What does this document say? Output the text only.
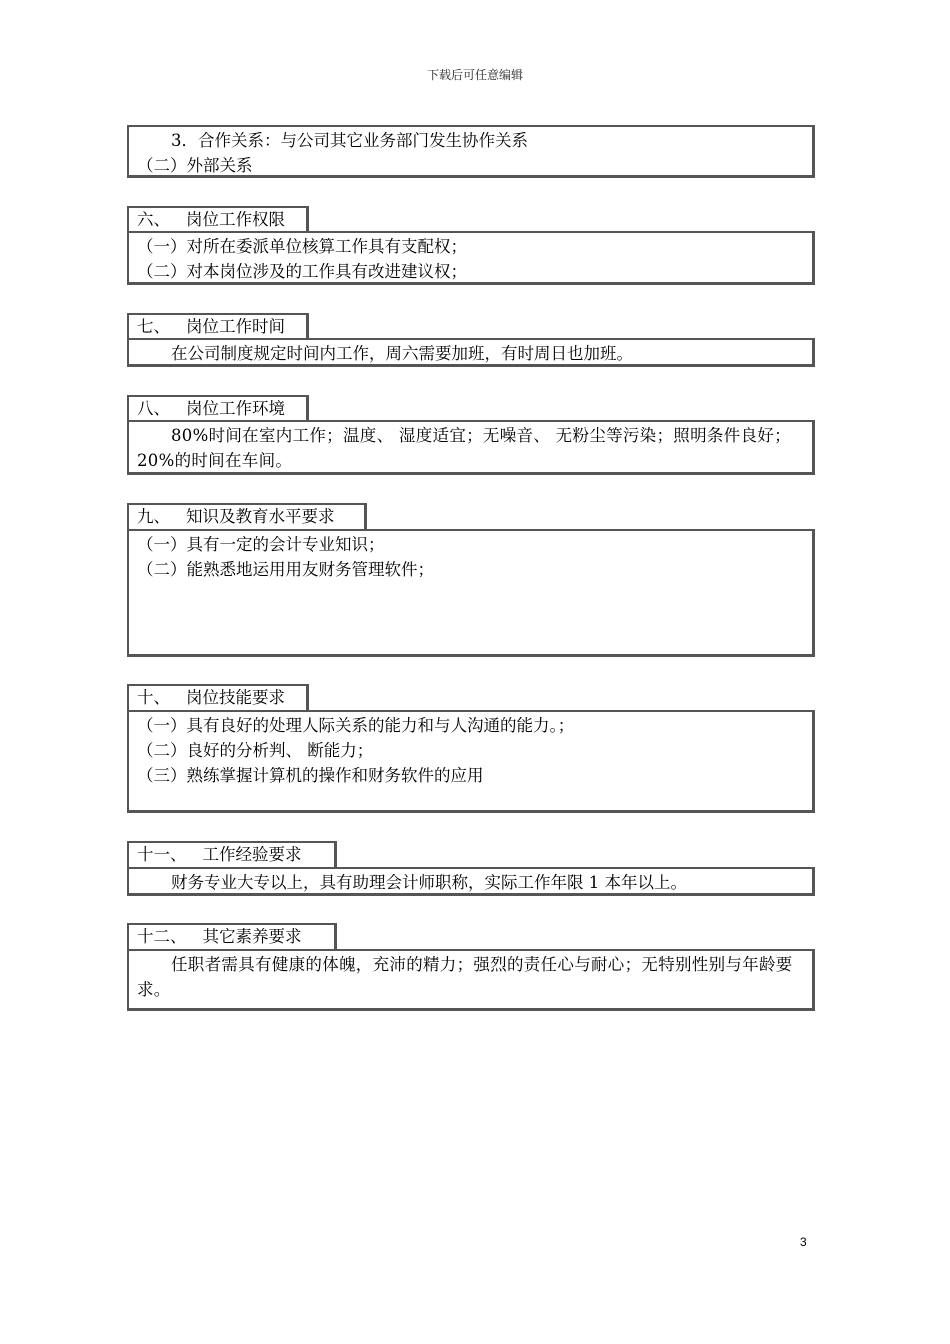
下载后可任意编辑
3．合作关系：与公司其它业务部门发生协作关系
（二）外部关系
六、 岗位工作权限
（一）对所在委派单位核算工作具有支配权；
（二）对本岗位涉及的工作具有改进建议权；
七、 岗位工作时间
在公司制度规定时间内工作，周六需要加班，有时周日也加班。
八、 岗位工作环境
80%时间在室内工作；温度、 湿度适宜；无噪音、 无粉尘等污染；照明条件良好；20%的时间在车间。
九、 知识及教育水平要求
（一）具有一定的会计专业知识；
（二）能熟悉地运用用友财务管理软件；
十、 岗位技能要求
（一）具有良好的处理人际关系的能力和与人沟通的能力。；
（二）良好的分析判、 断能力；
（三）熟练掌握计算机的操作和财务软件的应用
十一、 工作经验要求
财务专业大专以上，具有助理会计师职称，实际工作年限 1 本年以上。
十二、 其它素养要求
任职者需具有健康的体魄，充沛的精力；强烈的责任心与耐心；无特别性别与年龄要求。
3
